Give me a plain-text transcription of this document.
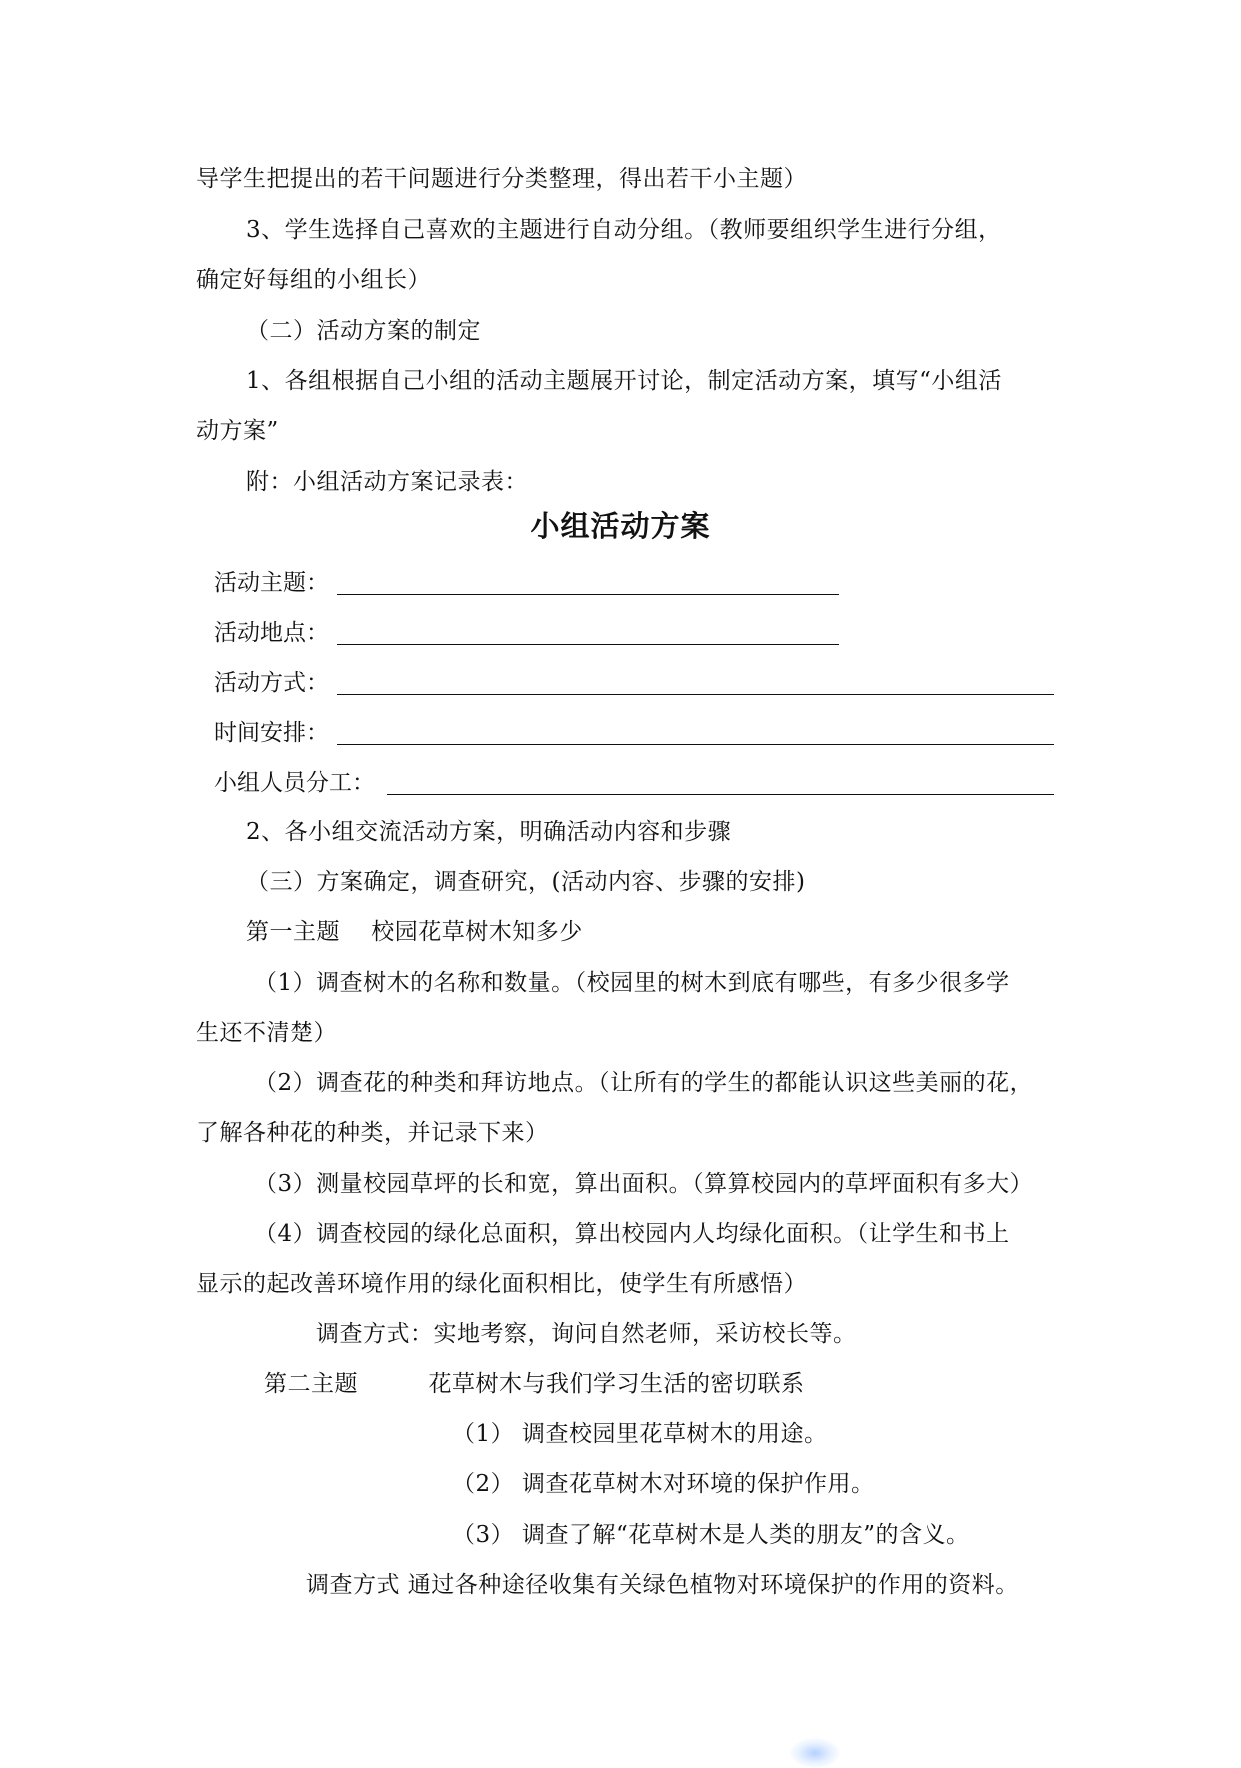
导学生把提出的若干问题进行分类整理，得出若干小主题）
3、学生选择自己喜欢的主题进行自动分组。（教师要组织学生进行分组，
确定好每组的小组长）
（二）活动方案的制定
1、各组根据自己小组的活动主题展开讨论，制定活动方案，填写“小组活
动方案”
附：小组活动方案记录表：
小组活动方案
活动主题：
活动地点：
活动方式：
时间安排：
小组人员分工：
2、各小组交流活动方案，明确活动内容和步骤
（三）方案确定，调查研究，(活动内容、步骤的安排)
第一主题　 校园花草树木知多少
（1）调查树木的名称和数量。（校园里的树木到底有哪些，有多少很多学
生还不清楚）
（2）调查花的种类和拜访地点。（让所有的学生的都能认识这些美丽的花，
了解各种花的种类，并记录下来）
（3）测量校园草坪的长和宽，算出面积。（算算校园内的草坪面积有多大）
（4）调查校园的绿化总面积，算出校园内人均绿化面积。（让学生和书上
显示的起改善环境作用的绿化面积相比，使学生有所感悟）
调查方式：实地考察，询问自然老师，采访校长等。
第二主题　　　花草树木与我们学习生活的密切联系
（1） 调查校园里花草树木的用途。
（2） 调查花草树木对环境的保护作用。
（3） 调查了解“花草树木是人类的朋友”的含义。
调查方式 通过各种途径收集有关绿色植物对环境保护的作用的资料。
